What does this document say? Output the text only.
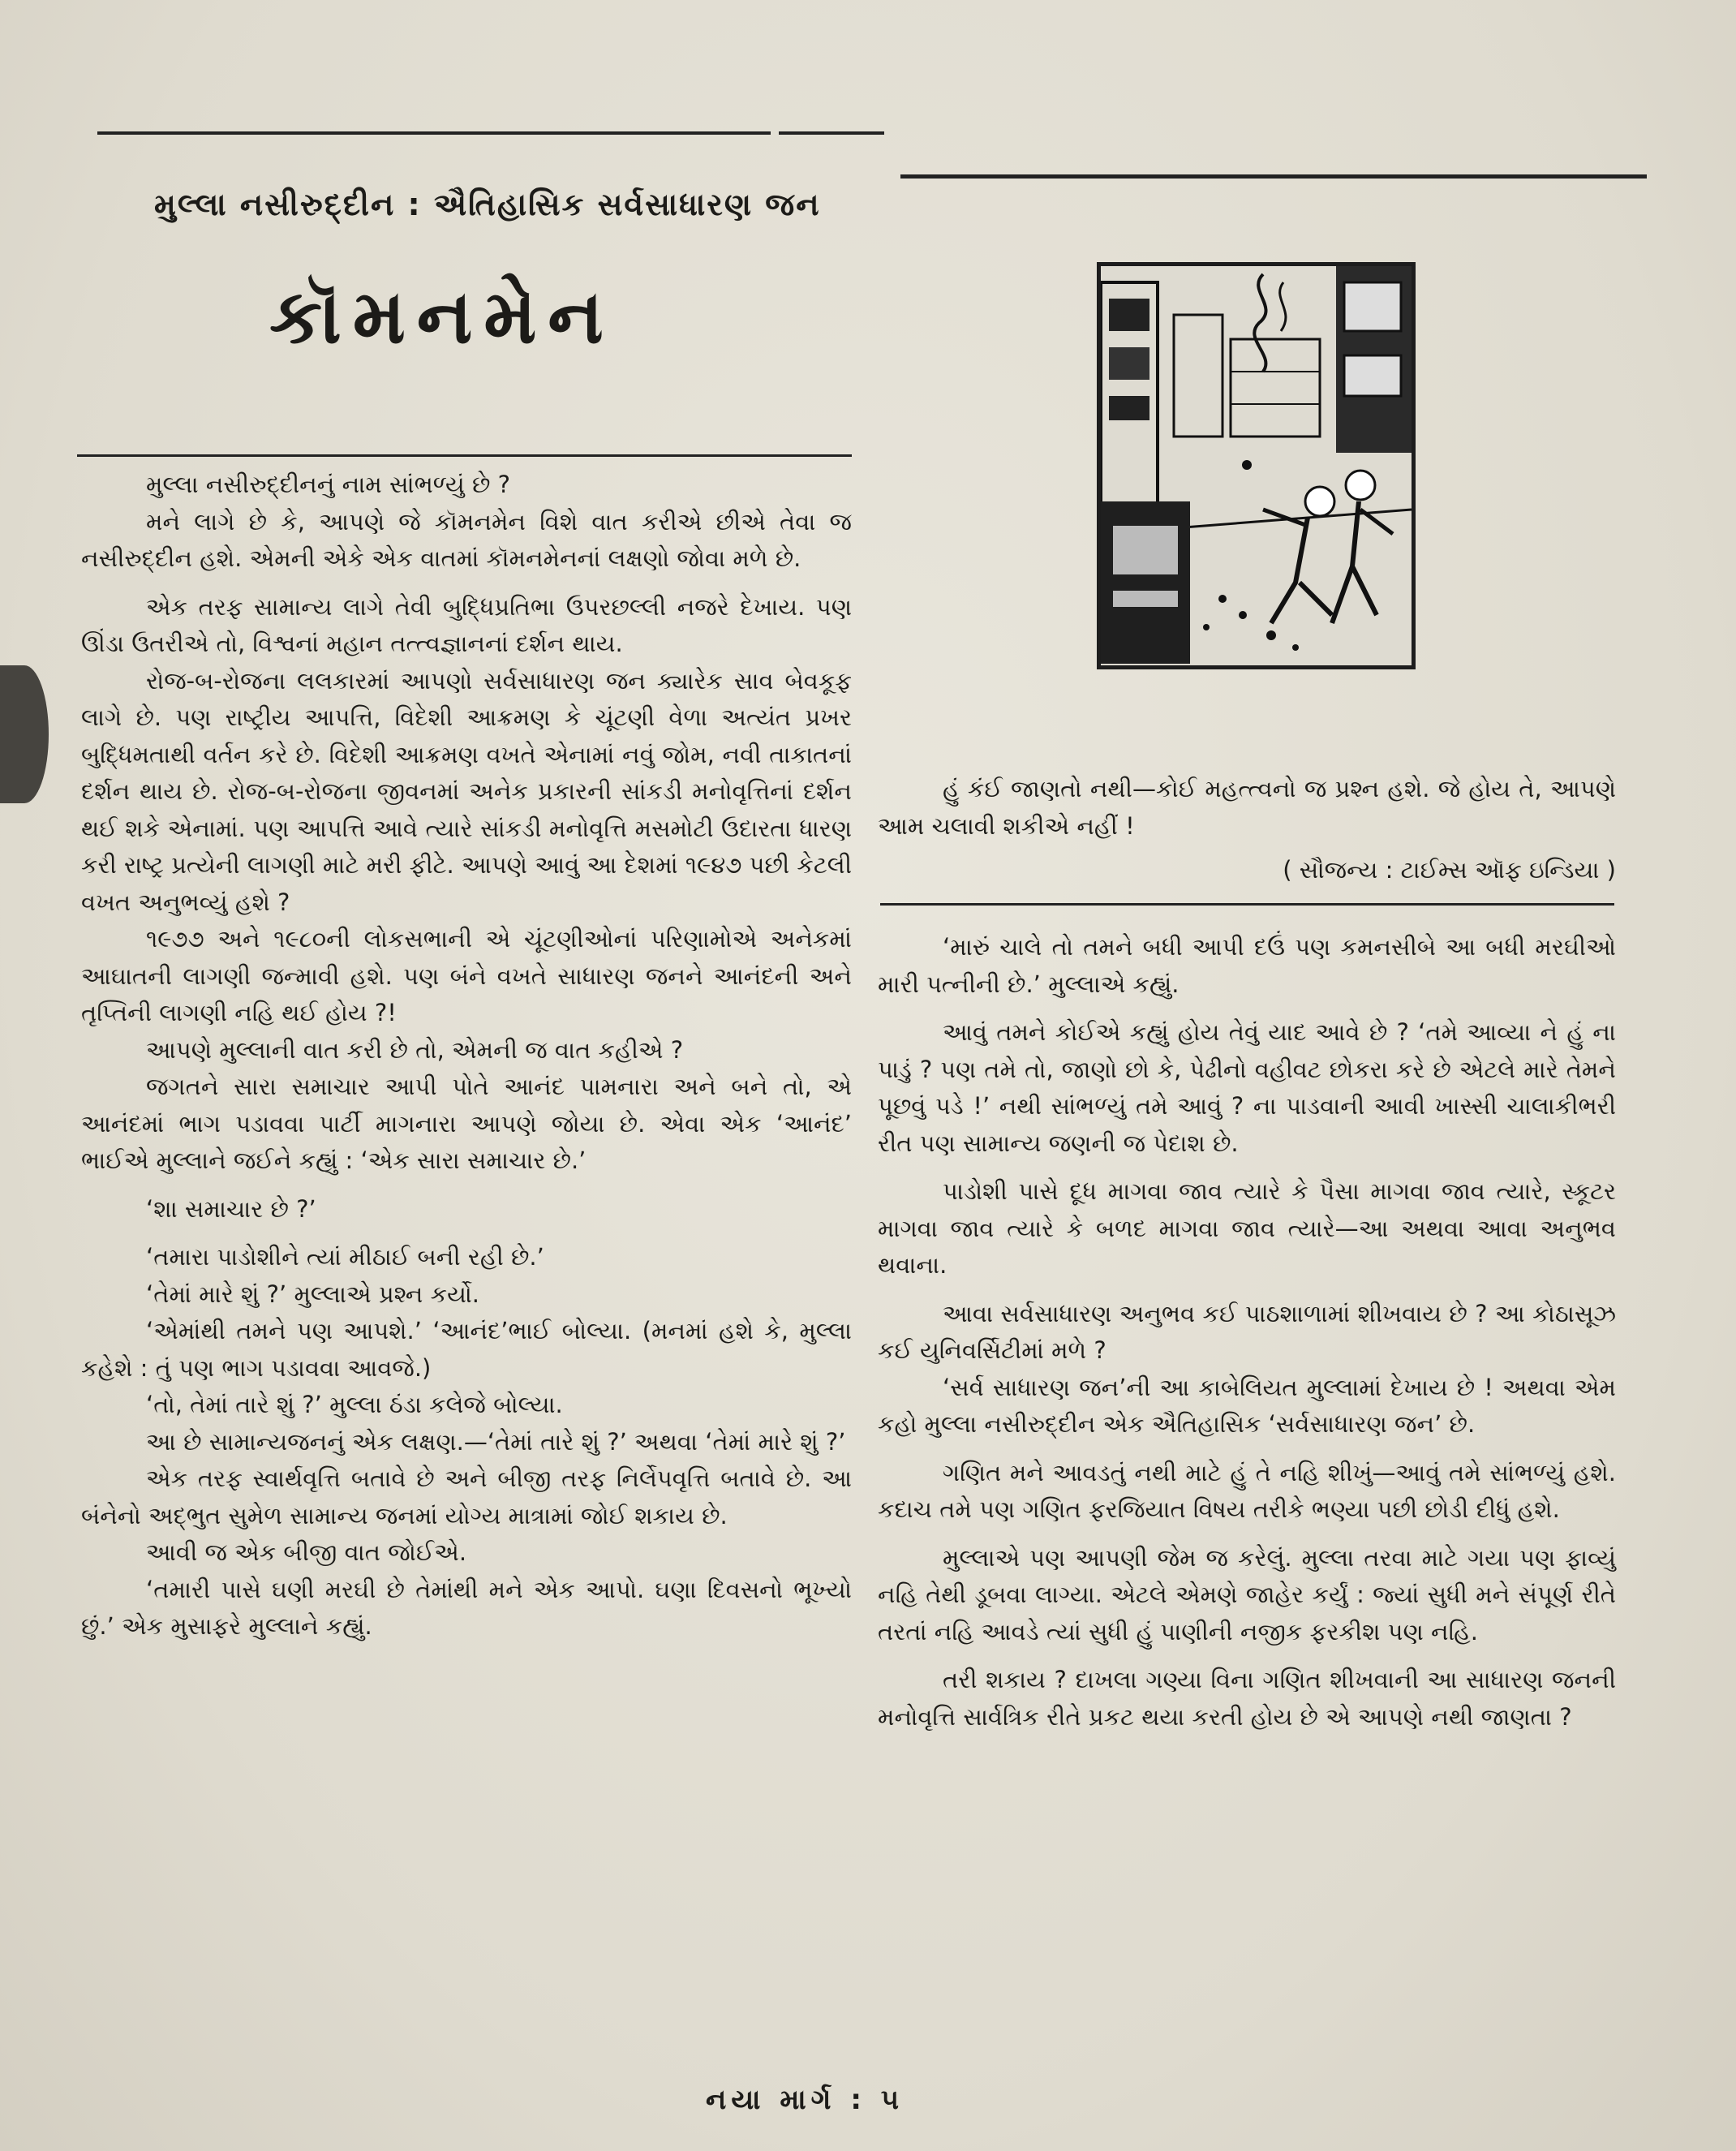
મુલ્લા નસીરુદ્દીન : ઐતિહાસિક સર્વસાધારણ જન
કૉમનમેન

મુલ્લા નસીરુદ્દીનનું નામ સાંભળ્યું છે ?

મને લાગે છે કે, આપણે જે કૉમનમેન વિશે વાત કરીએ છીએ તેવા જ નસીરુદ્દીન હશે. એમની એકે એક વાતમાં કૉમનમેનનાં લક્ષણો જોવા મળે છે.

એક તરફ સામાન્ય લાગે તેવી બુદ્ધિપ્રતિભા ઉપરછલ્લી નજરે દેખાય. પણ ઊંડા ઉતરીએ તો, વિશ્વનાં મહાન તત્ત્વજ્ઞાનનાં દર્શન થાય.

રોજ-બ-રોજના લલકારમાં આપણો સર્વસાધારણ જન ક્યારેક સાવ બેવકૂફ લાગે છે. પણ રાષ્ટ્રીય આપત્તિ, વિદેશી આક્રમણ કે ચૂંટણી વેળા અત્યંત પ્રખર બુદ્ધિમતાથી વર્તન કરે છે. વિદેશી આક્રમણ વખતે એનામાં નવું જોમ, નવી તાકાતનાં દર્શન થાય છે. રોજ-બ-રોજના જીવનમાં અનેક પ્રકારની સાંકડી મનોવૃત્તિનાં દર્શન થઈ શકે એનામાં. પણ આપત્તિ આવે ત્યારે સાંકડી મનોવૃત્તિ મસમોટી ઉદારતા ધારણ કરી રાષ્ટ્ર પ્રત્યેની લાગણી માટે મરી ફીટે. આપણે આવું આ દેશમાં ૧૯૪૭ પછી કેટલી વખત અનુભવ્યું હશે ?

૧૯૭૭ અને ૧૯૮૦ની લોકસભાની એ ચૂંટણીઓનાં પરિણામોએ અનેકમાં આઘાતની લાગણી જન્માવી હશે. પણ બંને વખતે સાધારણ જનને આનંદની અને તૃપ્તિની લાગણી નહિ થઈ હોય ?!

આપણે મુલ્લાની વાત કરી છે તો, એમની જ વાત કહીએ ?

જગતને સારા સમાચાર આપી પોતે આનંદ પામનારા અને બને તો, એ આનંદમાં ભાગ પડાવવા પાર્ટી માગનારા આપણે જોયા છે. એવા એક ‘આનંદ’ ભાઈએ મુલ્લાને જઈને કહ્યું : ‘એક સારા સમાચાર છે.’

‘શા સમાચાર છે ?’

‘તમારા પાડોશીને ત્યાં મીઠાઈ બની રહી છે.’

‘તેમાં મારે શું ?’ મુલ્લાએ પ્રશ્ન કર્યો.

‘એમાંથી તમને પણ આપશે.’ ‘આનંદ’ભાઈ બોલ્યા. (મનમાં હશે કે, મુલ્લા કહેશે : તું પણ ભાગ પડાવવા આવજે.)

‘તો, તેમાં તારે શું ?’ મુલ્લા ઠંડા કલેજે બોલ્યા.

આ છે સામાન્યજનનું એક લક્ષણ.—‘તેમાં તારે શું ?’ અથવા ‘તેમાં મારે શું ?’

એક તરફ સ્વાર્થવૃત્તિ બતાવે છે અને બીજી તરફ નિર્લેપવૃત્તિ બતાવે છે. આ બંનેનો અદ્ભુત સુમેળ સામાન્ય જનમાં યોગ્ય માત્રામાં જોઈ શકાય છે.

આવી જ એક બીજી વાત જોઈએ.

‘તમારી પાસે ઘણી મરઘી છે તેમાંથી મને એક આપો. ઘણા દિવસનો ભૂખ્યો છું.’ એક મુસાફરે મુલ્લાને કહ્યું.

હું કંઈ જાણતો નથી—કોઈ મહત્ત્વનો જ પ્રશ્ન હશે. જે હોય તે, આપણે આમ ચલાવી શકીએ નહીં !

( સૌજન્ય : ટાઈમ્સ ઑફ ઇન્ડિયા )

‘મારું ચાલે તો તમને બધી આપી દઉં પણ કમનસીબે આ બધી મરઘીઓ મારી પત્નીની છે.’ મુલ્લાએ કહ્યું.

આવું તમને કોઈએ કહ્યું હોય તેવું યાદ આવે છે ? ‘તમે આવ્યા ને હું ના પાડું ? પણ તમે તો, જાણો છો કે, પેઢીનો વહીવટ છોકરા કરે છે એટલે મારે તેમને પૂછવું પડે !’ નથી સાંભળ્યું તમે આવું ? ના પાડવાની આવી ખાસ્સી ચાલાકીભરી રીત પણ સામાન્ય જણની જ પેદાશ છે.

પાડોશી પાસે દૂધ માગવા જાવ ત્યારે કે પૈસા માગવા જાવ ત્યારે, સ્કૂટર માગવા જાવ ત્યારે કે બળદ માગવા જાવ ત્યારે—આ અથવા આવા અનુભવ થવાના.

આવા સર્વસાધારણ અનુભવ કઈ પાઠશાળામાં શીખવાય છે ? આ કોઠાસૂઝ કઈ યુનિવર્સિટીમાં મળે ?

‘સર્વ સાધારણ જન’ની આ કાબેલિયત મુલ્લામાં દેખાય છે ! અથવા એમ કહો મુલ્લા નસીરુદ્દીન એક ઐતિહાસિક ‘સર્વસાધારણ જન’ છે.

ગણિત મને આવડતું નથી માટે હું તે નહિ શીખું—આવું તમે સાંભળ્યું હશે. કદાચ તમે પણ ગણિત ફરજિયાત વિષય તરીકે ભણ્યા પછી છોડી દીધું હશે.

મુલ્લાએ પણ આપણી જેમ જ કરેલું. મુલ્લા તરવા માટે ગયા પણ ફાવ્યું નહિ તેથી ડૂબવા લાગ્યા. એટલે એમણે જાહેર કર્યું : જ્યાં સુધી મને સંપૂર્ણ રીતે તરતાં નહિ આવડે ત્યાં સુધી હું પાણીની નજીક ફરકીશ પણ નહિ.

તરી શકાય ? દાખલા ગણ્યા વિના ગણિત શીખવાની આ સાધારણ જનની મનોવૃત્તિ સાર્વત્રિક રીતે પ્રકટ થયા કરતી હોય છે એ આપણે નથી જાણતા ?

નયા માર્ગ : ૫
